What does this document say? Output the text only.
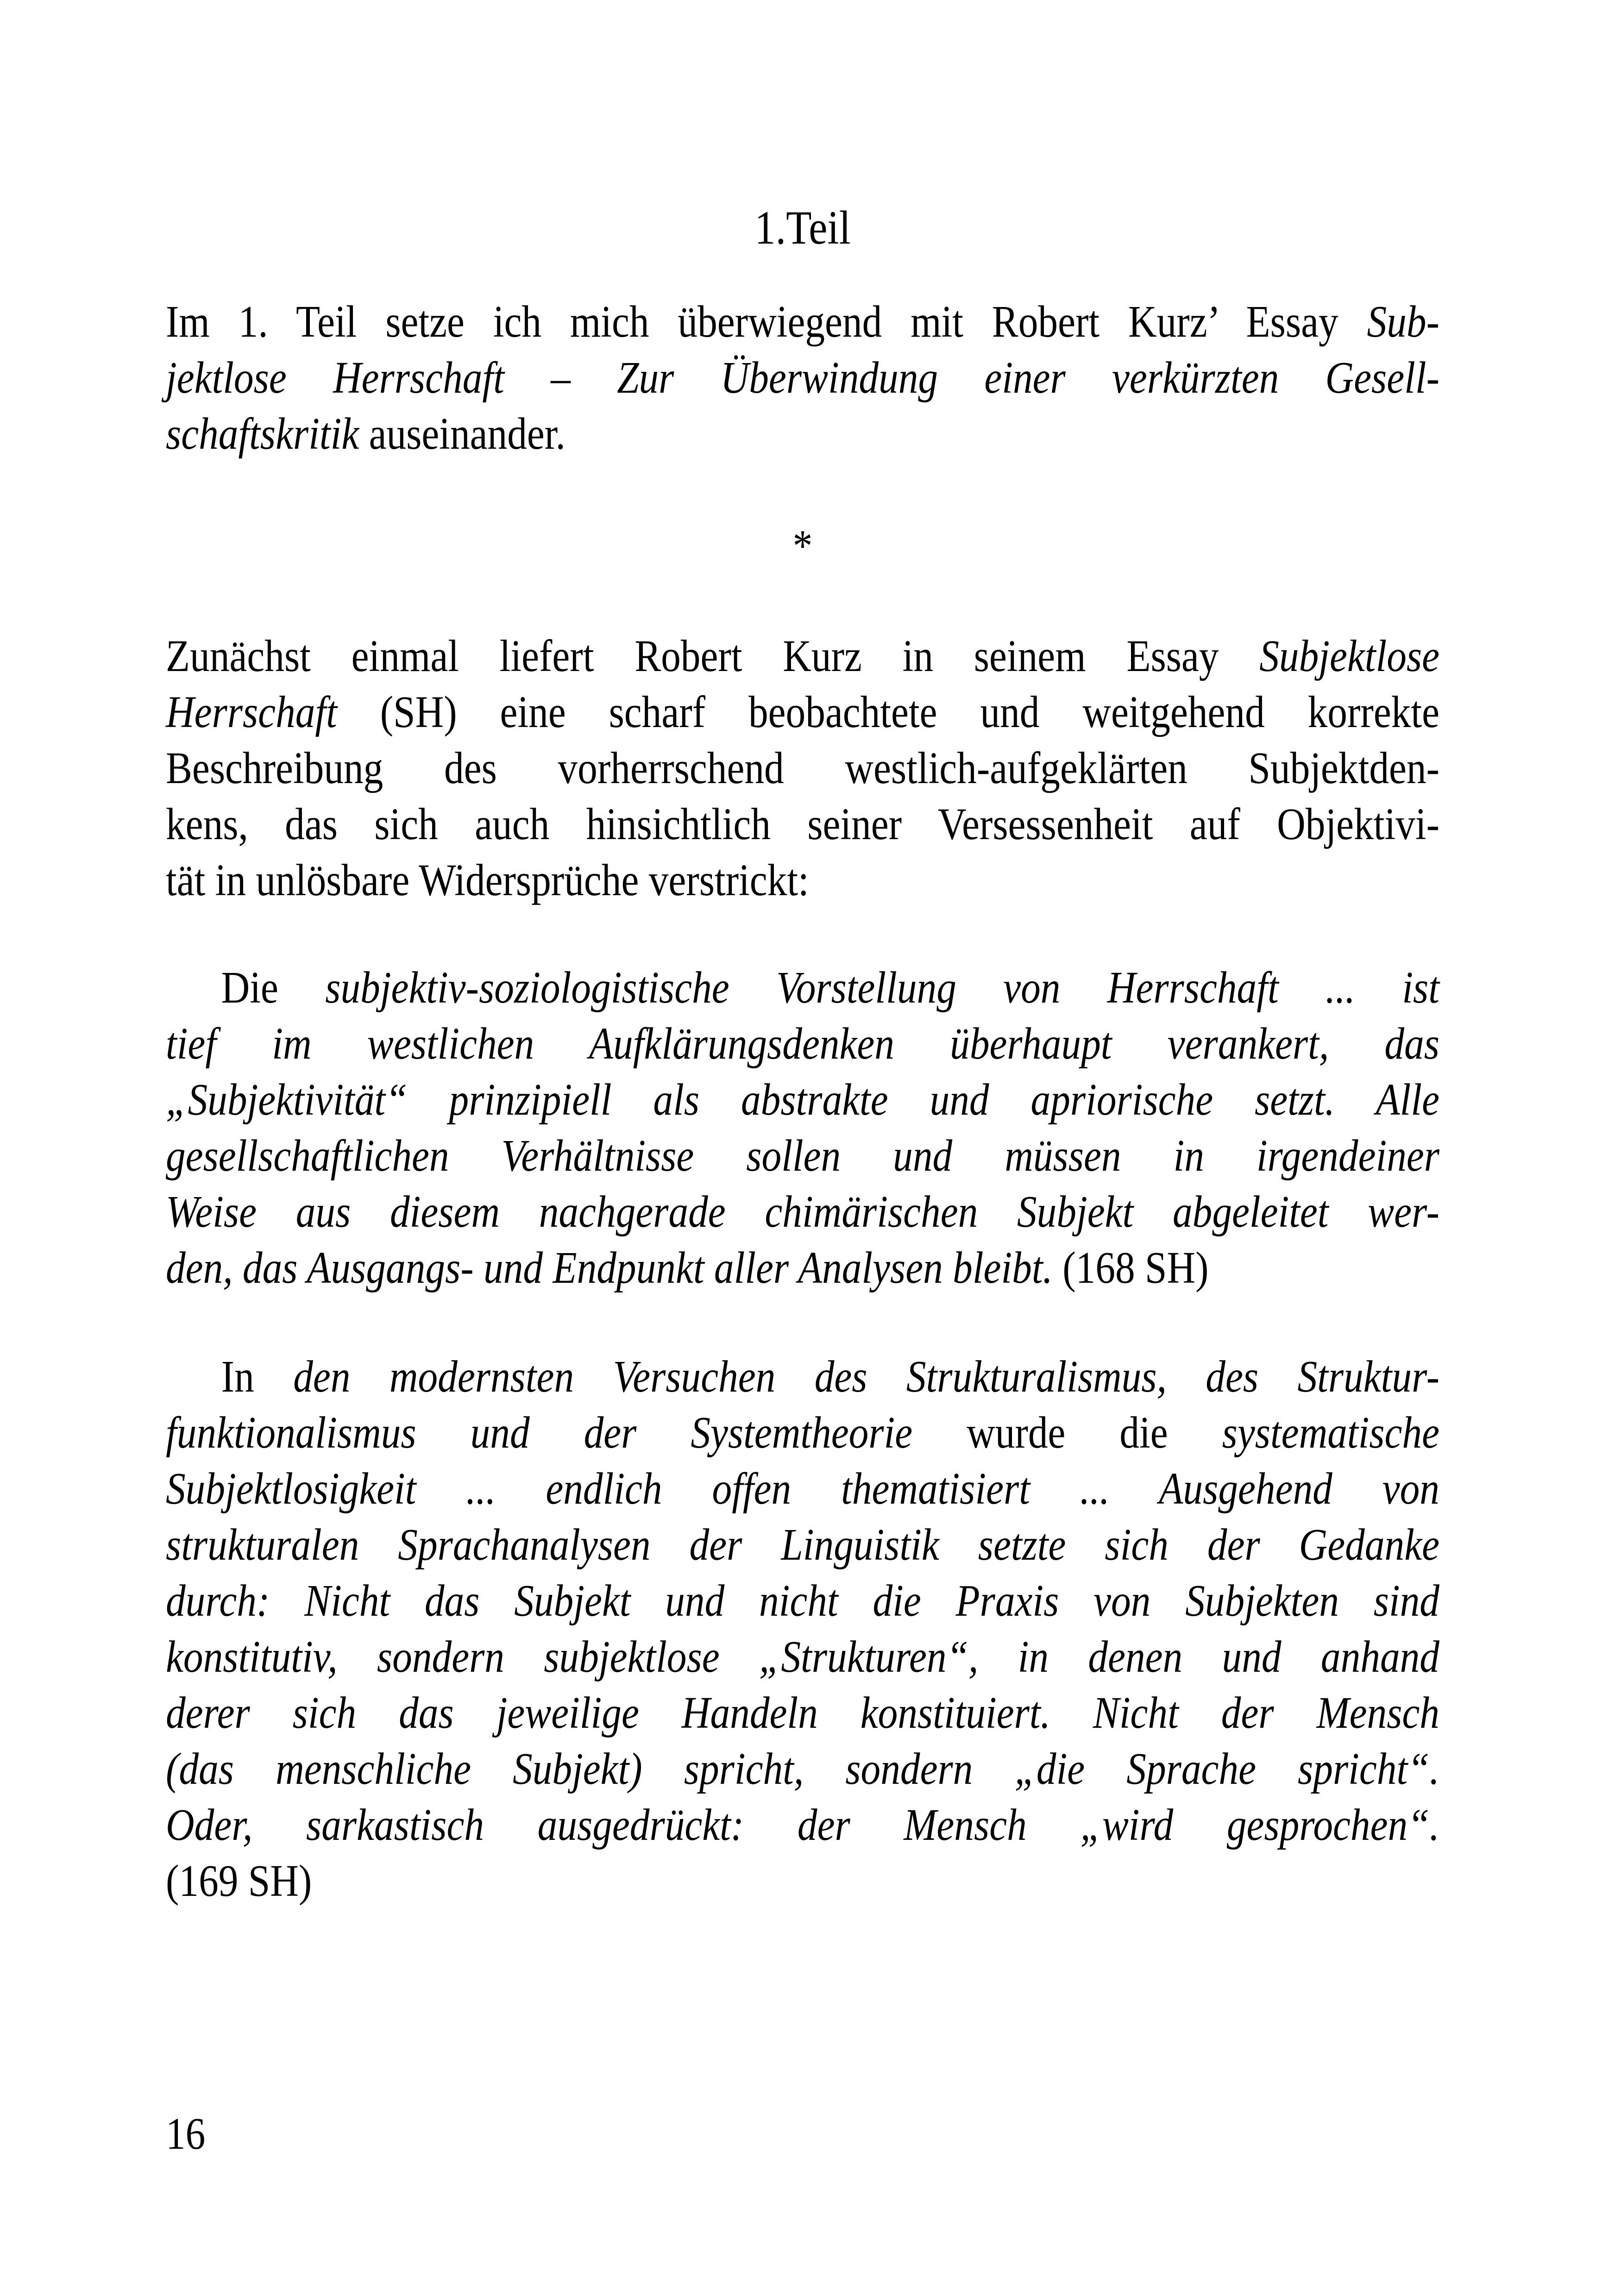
1.Teil
Im 1. Teil setze ich mich überwiegend mit Robert Kurz’ Essay Sub-
jektlose Herrschaft – Zur Überwindung einer verkürzten Gesell-
schaftskritik auseinander.
*
Zunächst einmal liefert Robert Kurz in seinem Essay Subjektlose
Herrschaft (SH) eine scharf beobachtete und weitgehend korrekte
Beschreibung des vorherrschend westlich-aufgeklärten Subjektden-
kens, das sich auch hinsichtlich seiner Versessenheit auf Objektivi-
tät in unlösbare Widersprüche verstrickt:
Die subjektiv-soziologistische Vorstellung von Herrschaft ... ist
tief im westlichen Aufklärungsdenken überhaupt verankert, das
„Subjektivität“ prinzipiell als abstrakte und apriorische setzt. Alle
gesellschaftlichen Verhältnisse sollen und müssen in irgendeiner
Weise aus diesem nachgerade chimärischen Subjekt abgeleitet wer-
den, das Ausgangs- und Endpunkt aller Analysen bleibt. (168 SH)
In den modernsten Versuchen des Strukturalismus, des Struktur-
funktionalismus und der Systemtheorie wurde die systematische
Subjektlosigkeit ... endlich offen thematisiert ... Ausgehend von
strukturalen Sprachanalysen der Linguistik setzte sich der Gedanke
durch: Nicht das Subjekt und nicht die Praxis von Subjekten sind
konstitutiv, sondern subjektlose „Strukturen“, in denen und anhand
derer sich das jeweilige Handeln konstituiert. Nicht der Mensch
(das menschliche Subjekt) spricht, sondern „die Sprache spricht“.
Oder, sarkastisch ausgedrückt: der Mensch „wird gesprochen“.
(169 SH)
16
